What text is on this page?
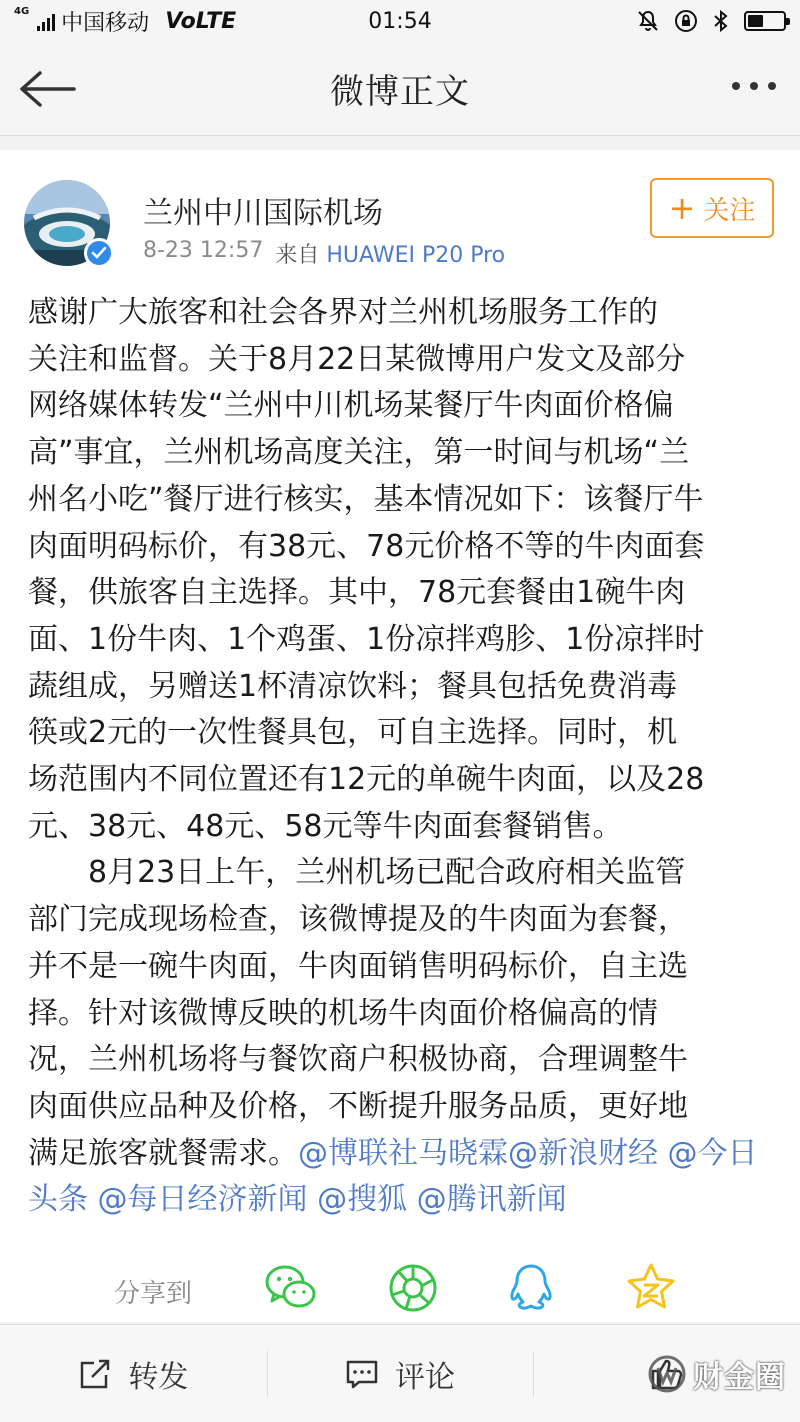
4G 中国移动 VoLTE	01:54
微博正文
兰州中川国际机场
8-23 12:57 来自 HUAWEI P20 Pro
+ 关注

感谢广大旅客和社会各界对兰州机场服务工作的
关注和监督。关于8月22日某微博用户发文及部分
网络媒体转发“兰州中川机场某餐厅牛肉面价格偏
高”事宜，兰州机场高度关注，第一时间与机场“兰
州名小吃”餐厅进行核实，基本情况如下：该餐厅牛
肉面明码标价，有38元、78元价格不等的牛肉面套
餐，供旅客自主选择。其中，78元套餐由1碗牛肉
面、1份牛肉、1个鸡蛋、1份凉拌鸡胗、1份凉拌时
蔬组成，另赠送1杯清凉饮料；餐具包括免费消毒
筷或2元的一次性餐具包，可自主选择。同时，机
场范围内不同位置还有12元的单碗牛肉面，以及28
元、38元、48元、58元等牛肉面套餐销售。

8月23日上午，兰州机场已配合政府相关监管
部门完成现场检查，该微博提及的牛肉面为套餐，
并不是一碗牛肉面，牛肉面销售明码标价，自主选
择。针对该微博反映的机场牛肉面价格偏高的情
况，兰州机场将与餐饮商户积极协商，合理调整牛
肉面供应品种及价格，不断提升服务品质，更好地
满足旅客就餐需求。@博联社马晓霖@新浪财经 @今日头条 @每日经济新闻 @搜狐 @腾讯新闻

分享到
转发	评论	财金圈
